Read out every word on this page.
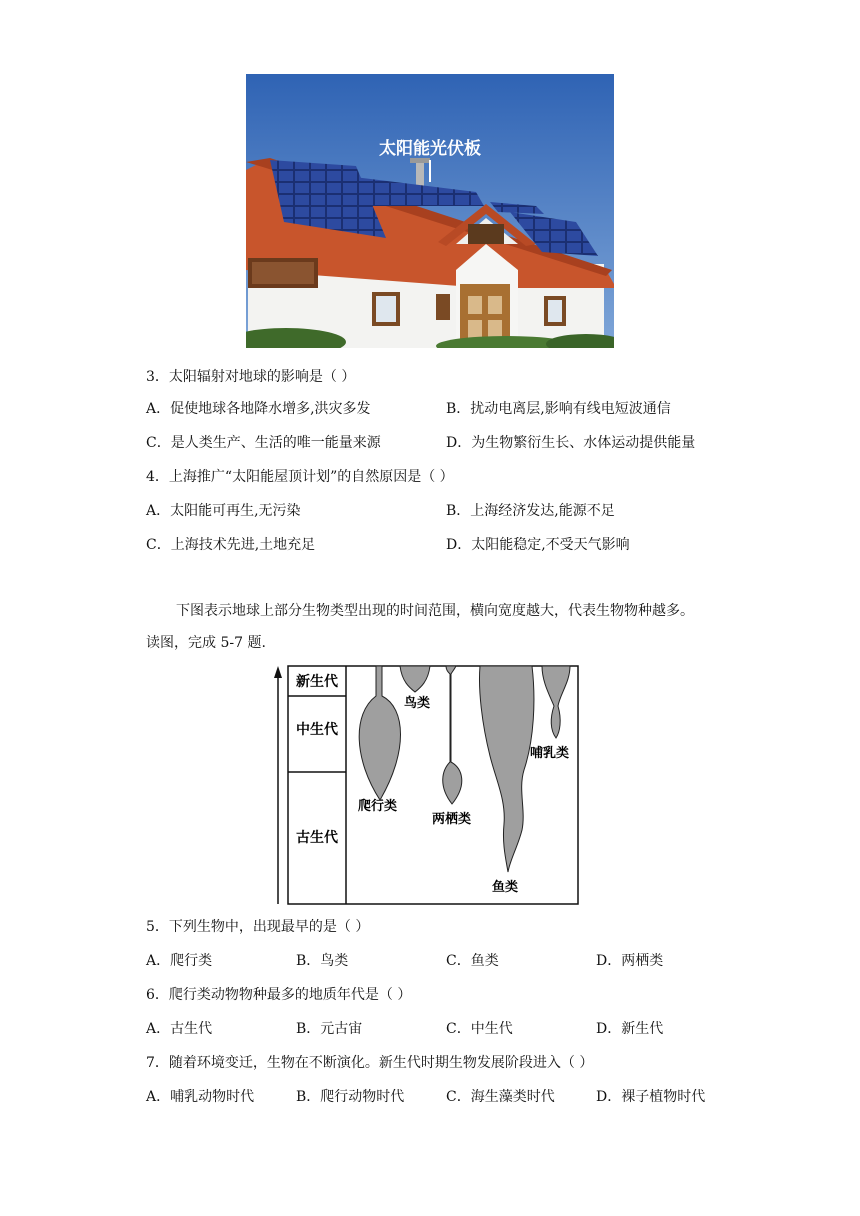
太阳能光伏板
3．太阳辐射对地球的影响是（ ）
A．促使地球各地降水增多,洪灾多发	B．扰动电离层,影响有线电短波通信
C．是人类生产、生活的唯一能量来源	D．为生物繁衍生长、水体运动提供能量
4．上海推广“太阳能屋顶计划”的自然原因是（ ）
A．太阳能可再生,无污染	B．上海经济发达,能源不足
C．上海技术先进,土地充足	D．太阳能稳定,不受天气影响
下图表示地球上部分生物类型出现的时间范围，横向宽度越大，代表生物物种越多。
读图，完成 5-7 题.
新生代
中生代
古生代
鸟类
爬行类
两栖类
鱼类
哺乳类
5．下列生物中，出现最早的是（ ）
A．爬行类	B．鸟类	C．鱼类	D．两栖类
6．爬行类动物物种最多的地质年代是（ ）
A．古生代	B．元古宙	C．中生代	D．新生代
7．随着环境变迁，生物在不断演化。新生代时期生物发展阶段进入（ ）
A．哺乳动物时代	B．爬行动物时代	C．海生藻类时代	D．裸子植物时代
